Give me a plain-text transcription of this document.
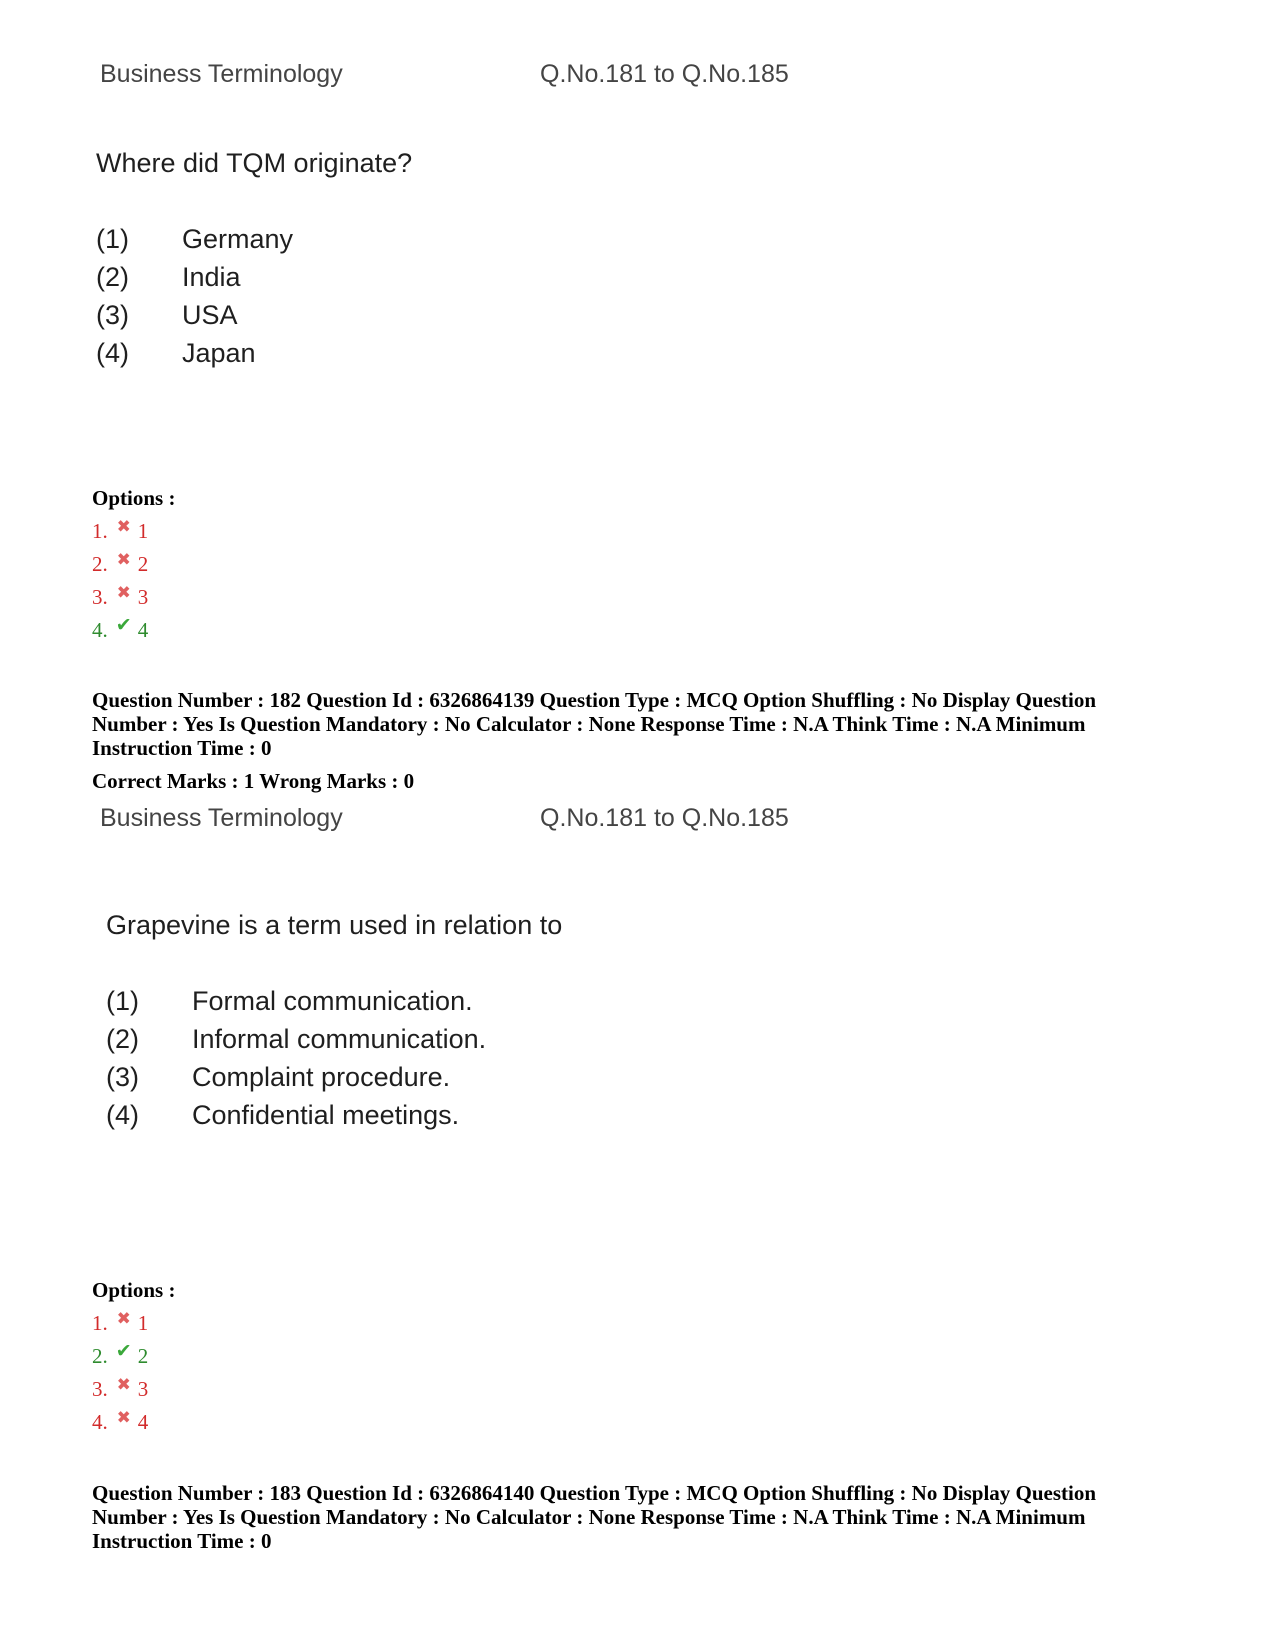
Business Terminology	Q.No.181 to Q.No.185
Where did TQM originate?
(1) Germany
(2) India
(3) USA
(4) Japan
Options :
1. ✖ 1
2. ✖ 2
3. ✖ 3
4. ✔ 4
Question Number : 182 Question Id : 6326864139 Question Type : MCQ Option Shuffling : No Display Question Number : Yes Is Question Mandatory : No Calculator : None Response Time : N.A Think Time : N.A Minimum Instruction Time : 0
Correct Marks : 1 Wrong Marks : 0
Business Terminology	Q.No.181 to Q.No.185
Grapevine is a term used in relation to
(1) Formal communication.
(2) Informal communication.
(3) Complaint procedure.
(4) Confidential meetings.
Options :
1. ✖ 1
2. ✔ 2
3. ✖ 3
4. ✖ 4
Question Number : 183 Question Id : 6326864140 Question Type : MCQ Option Shuffling : No Display Question Number : Yes Is Question Mandatory : No Calculator : None Response Time : N.A Think Time : N.A Minimum Instruction Time : 0
